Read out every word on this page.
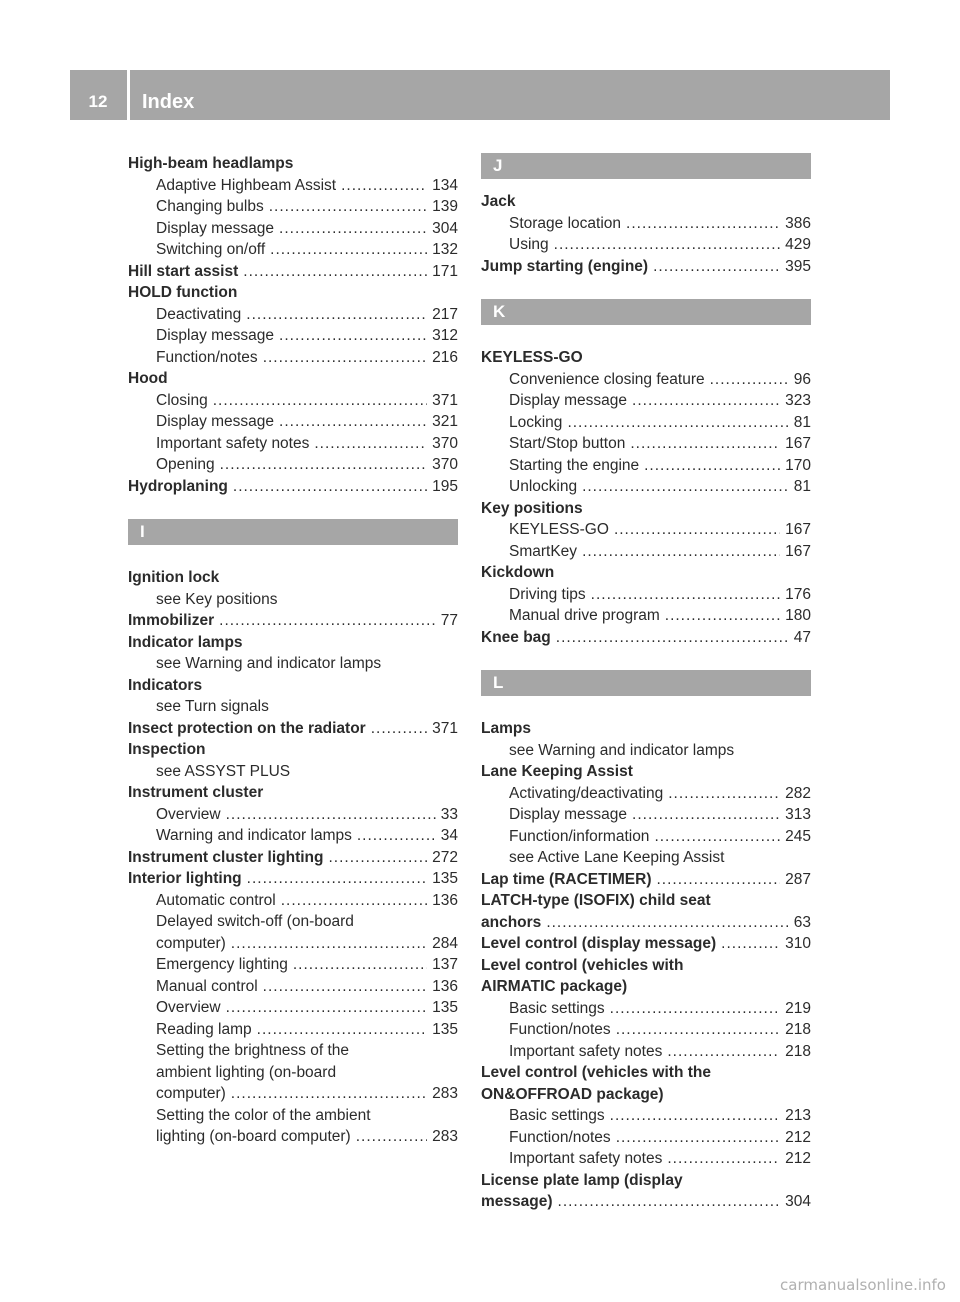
12	Index
High-beam headlamps
Adaptive Highbeam Assist .....	134
Changing bulbs .....	139
Display message .....	304
Switching on/off .....	132
Hill start assist .....	171
HOLD function
Deactivating .....	217
Display message .....	312
Function/notes .....	216
Hood
Closing .....	371
Display message .....	321
Important safety notes .....	370
Opening .....	370
Hydroplaning .....	195
I
Ignition lock
see Key positions
Immobilizer .....	77
Indicator lamps
see Warning and indicator lamps
Indicators
see Turn signals
Insect protection on the radiator .....	371
Inspection
see ASSYST PLUS
Instrument cluster
Overview .....	33
Warning and indicator lamps .....	34
Instrument cluster lighting .....	272
Interior lighting .....	135
Automatic control .....	136
Delayed switch-off (on-board
computer) .....	284
Emergency lighting .....	137
Manual control .....	136
Overview .....	135
Reading lamp .....	135
Setting the brightness of the
ambient lighting (on-board
computer) .....	283
Setting the color of the ambient
lighting (on-board computer) .....	283
J
Jack
Storage location .....	386
Using .....	429
Jump starting (engine) .....	395
K
KEYLESS-GO
Convenience closing feature .....	96
Display message .....	323
Locking .....	81
Start/Stop button .....	167
Starting the engine .....	170
Unlocking .....	81
Key positions
KEYLESS-GO .....	167
SmartKey .....	167
Kickdown
Driving tips .....	176
Manual drive program .....	180
Knee bag .....	47
L
Lamps
see Warning and indicator lamps
Lane Keeping Assist
Activating/deactivating .....	282
Display message .....	313
Function/information .....	245
see Active Lane Keeping Assist
Lap time (RACETIMER) .....	287
LATCH-type (ISOFIX) child seat
anchors .....	63
Level control (display message) .....	310
Level control (vehicles with
AIRMATIC package)
Basic settings .....	219
Function/notes .....	218
Important safety notes .....	218
Level control (vehicles with the
ON&OFFROAD package)
Basic settings .....	213
Function/notes .....	212
Important safety notes .....	212
License plate lamp (display
message) .....	304
carmanualsonline.info
